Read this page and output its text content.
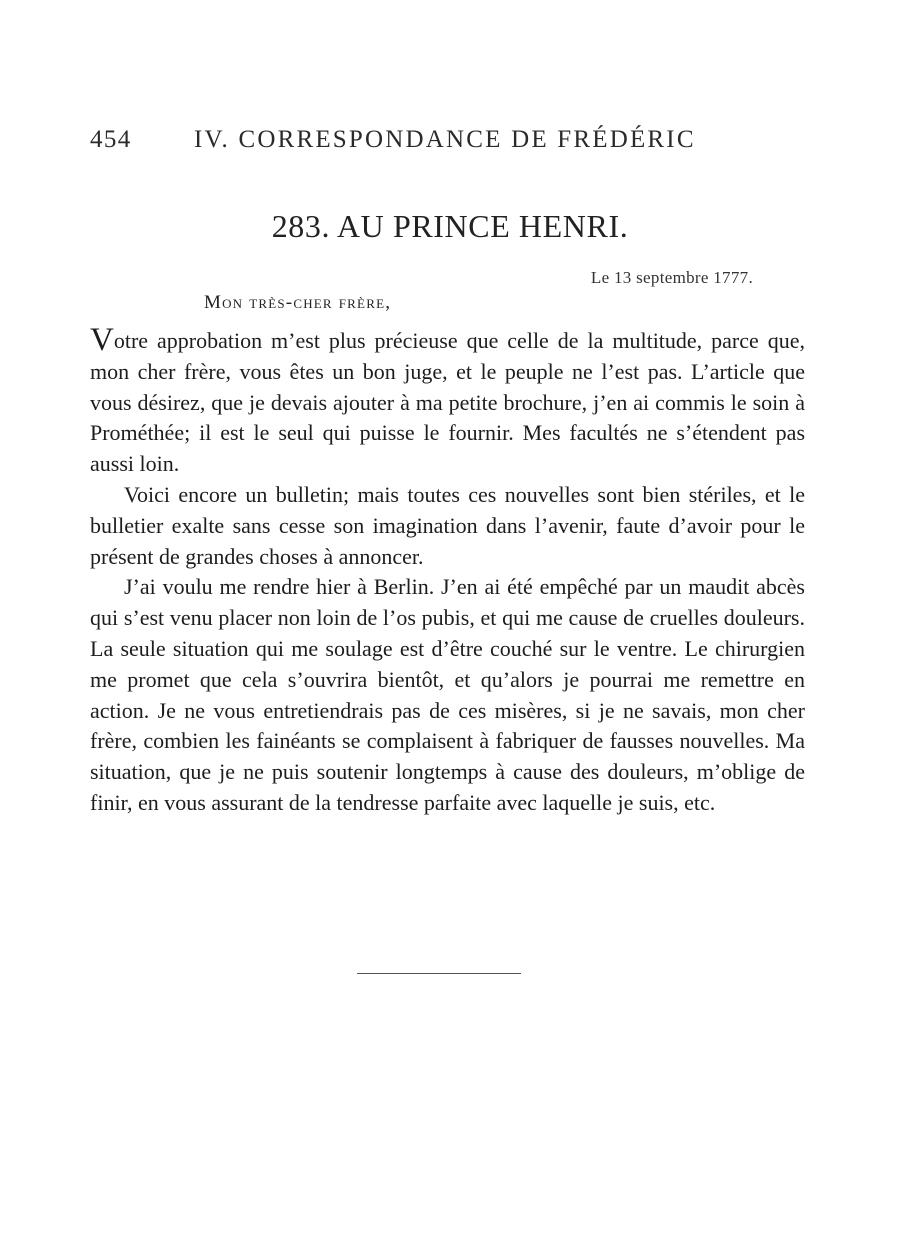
454 IV. CORRESPONDANCE DE FRÉDÉRIC
283. AU PRINCE HENRI.
Le 13 septembre 1777.
Mon très-cher frère,

Votre approbation m’est plus précieuse que celle de la multitude, parce que, mon cher frère, vous êtes un bon juge, et le peuple ne l’est pas. L’article que vous désirez, que je devais ajouter à ma petite brochure, j’en ai commis le soin à Prométhée; il est le seul qui puisse le fournir. Mes facultés ne s’étendent pas aussi loin.

Voici encore un bulletin; mais toutes ces nouvelles sont bien stériles, et le bulletier exalte sans cesse son imagination dans l’avenir, faute d’avoir pour le présent de grandes choses à annoncer.

J’ai voulu me rendre hier à Berlin. J’en ai été empêché par un maudit abcès qui s’est venu placer non loin de l’os pubis, et qui me cause de cruelles douleurs. La seule situation qui me soulage est d’être couché sur le ventre. Le chirurgien me promet que cela s’ouvrira bientôt, et qu’alors je pourrai me remettre en action. Je ne vous entretiendrais pas de ces misères, si je ne savais, mon cher frère, combien les fainéants se complaisent à fabriquer de fausses nouvelles. Ma situation, que je ne puis soutenir longtemps à cause des douleurs, m’oblige de finir, en vous assurant de la tendresse parfaite avec laquelle je suis, etc.
